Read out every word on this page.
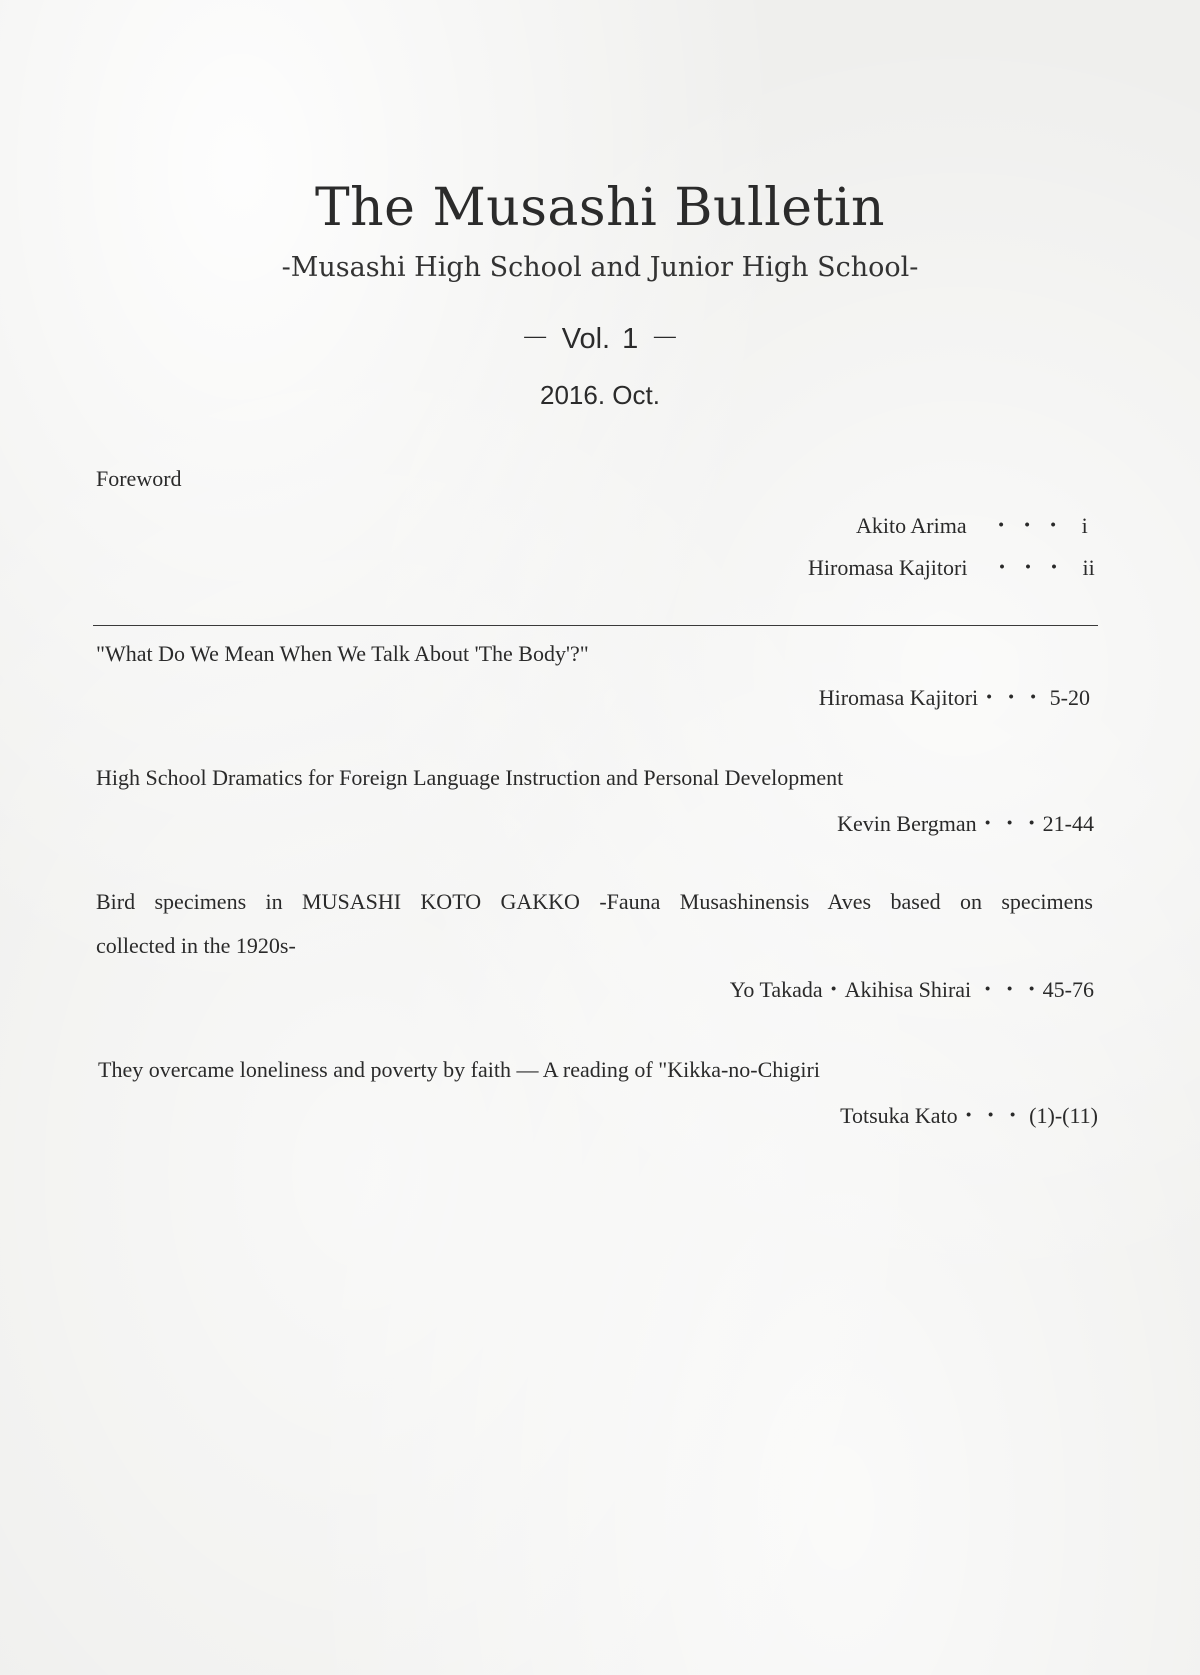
The Musashi Bulletin
-Musashi High School and Junior High School-
－ Vol. 1 －
2016. Oct.
Foreword
Akito Arima ・・・ i
Hiromasa Kajitori ・・・ ii
"What Do We Mean When We Talk About 'The Body'?"
Hiromasa Kajitori・・・ 5-20
High School Dramatics for Foreign Language Instruction and Personal Development
Kevin Bergman・・・21-44
Bird specimens in MUSASHI KOTO GAKKO -Fauna Musashinensis Aves based on specimens
collected in the 1920s-
Yo Takada・Akihisa Shirai ・・・45-76
They overcame loneliness and poverty by faith — A reading of "Kikka-no-Chigiri
Totsuka Kato・・・ (1)-(11)
